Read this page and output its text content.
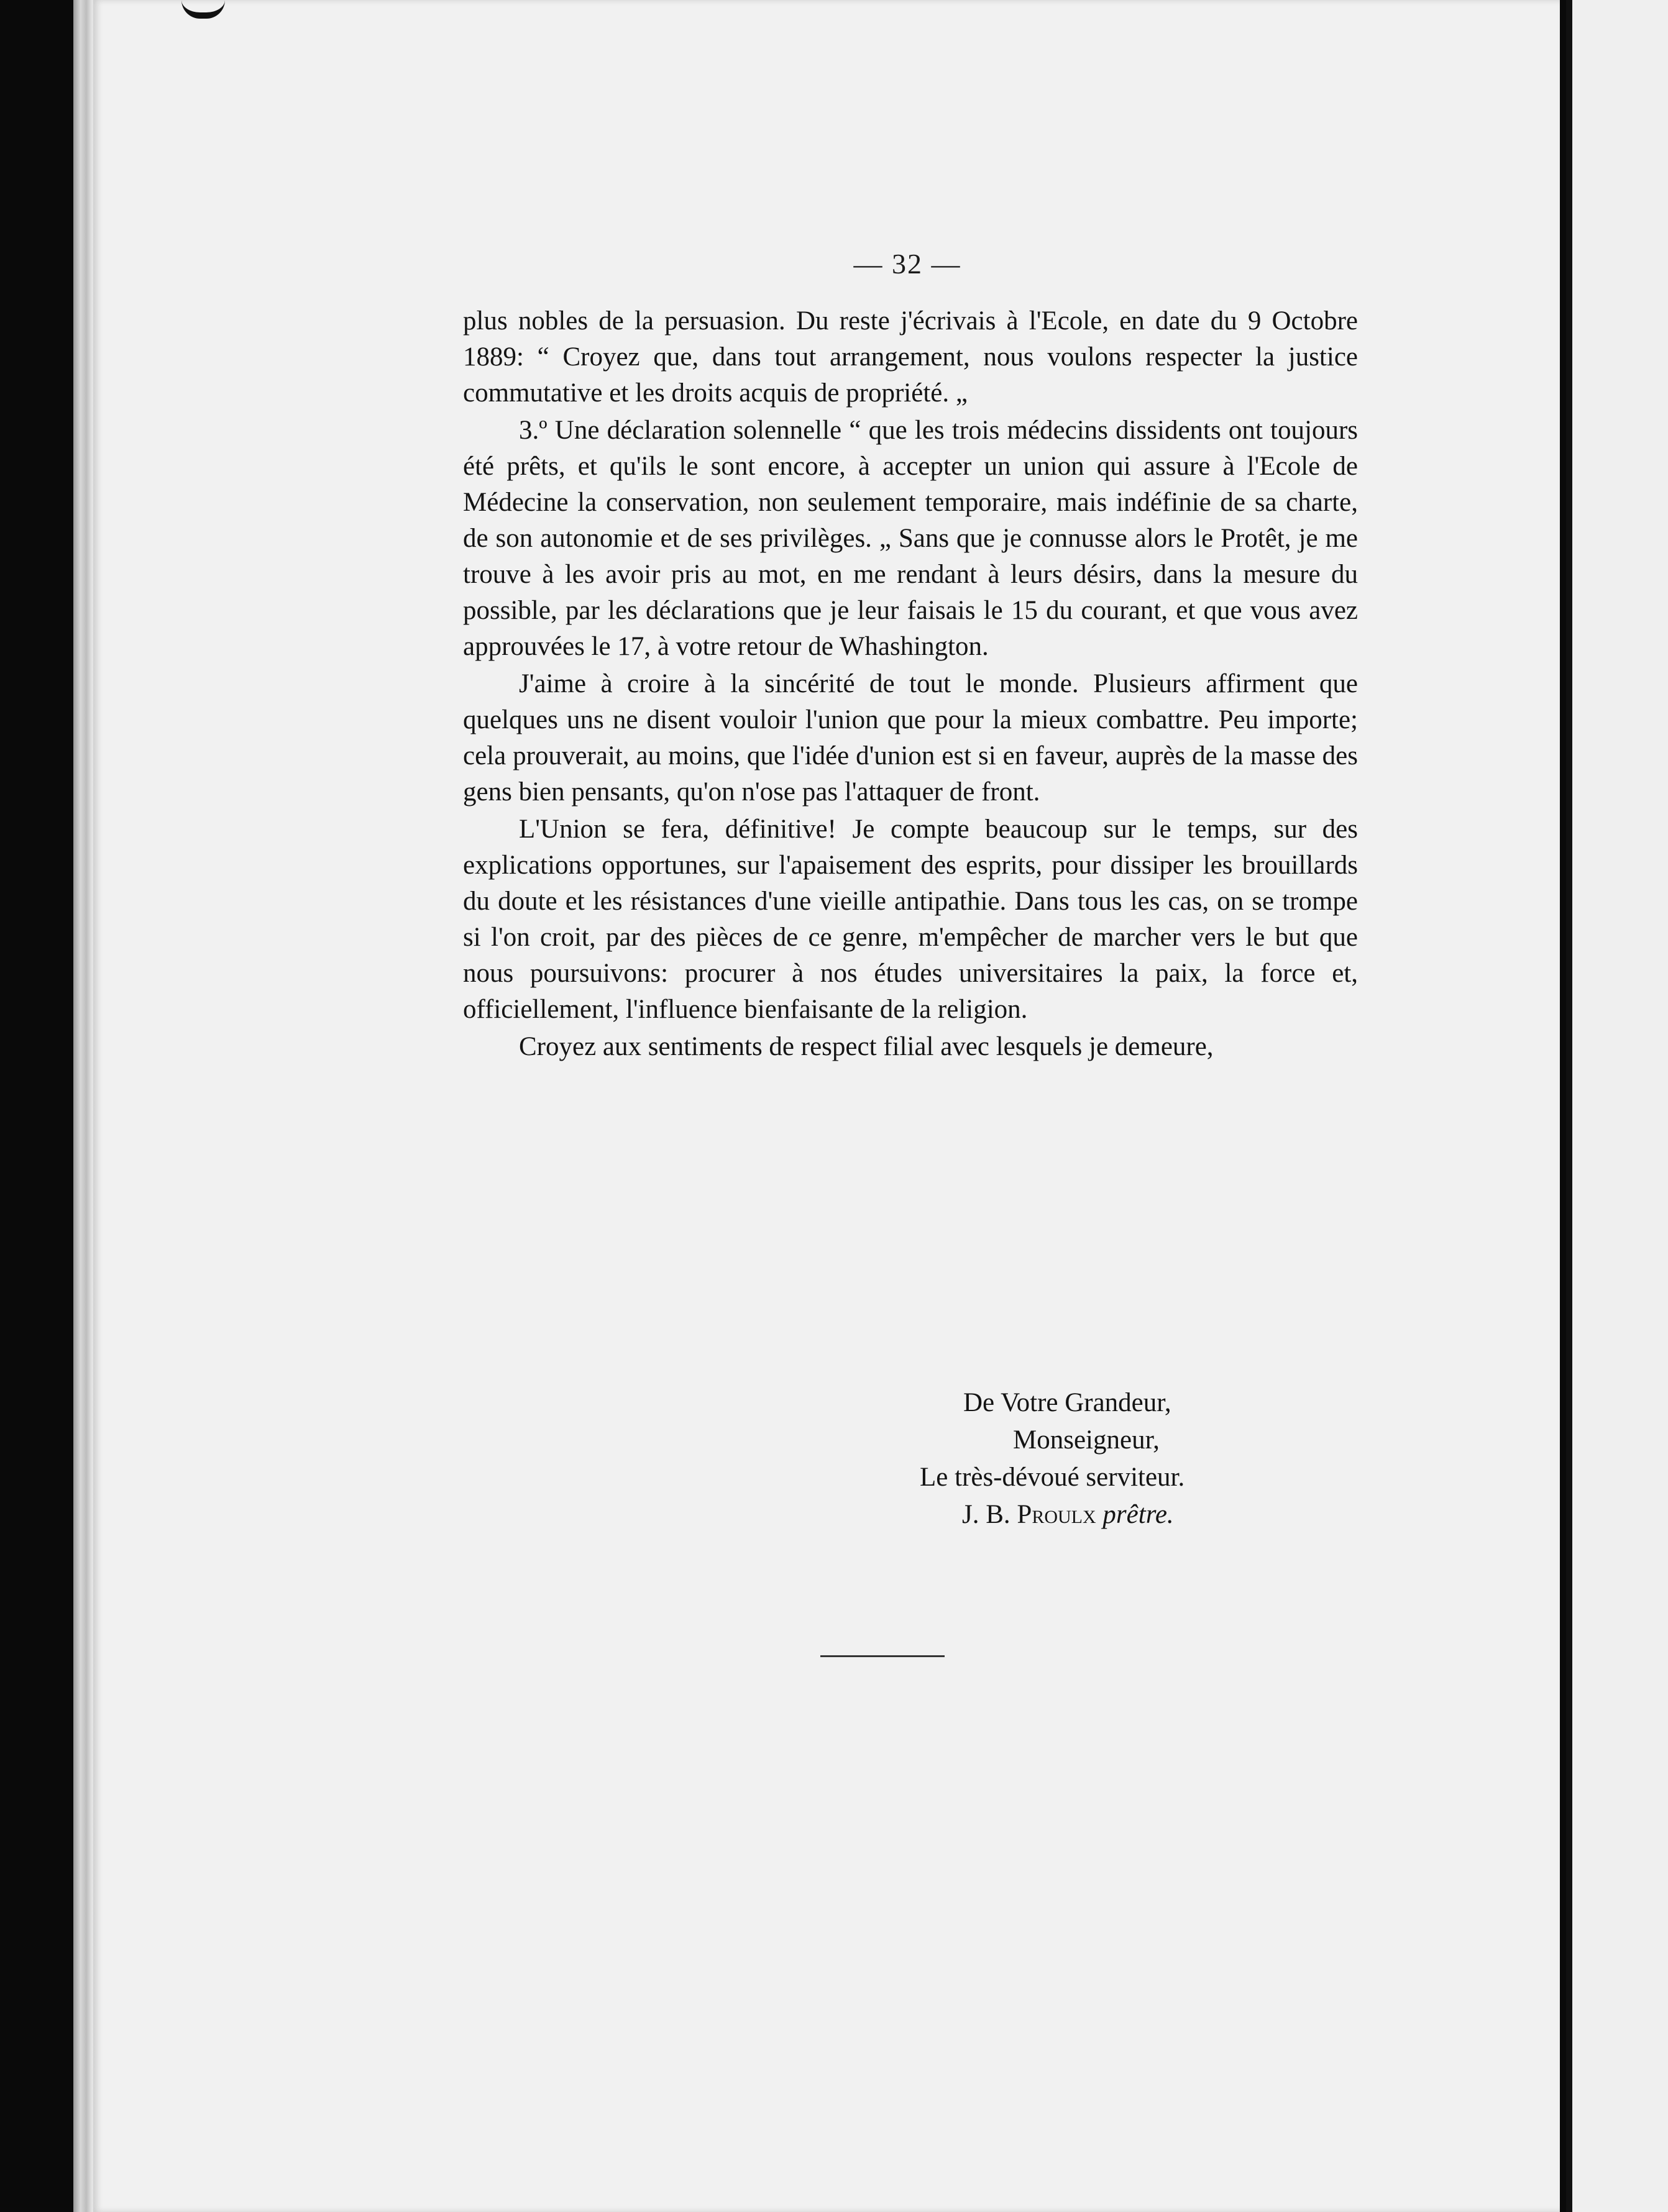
— 32 —

plus nobles de la persuasion. Du reste j'écrivais à l'Ecole, en date du 9 Octobre 1889: “ Croyez que, dans tout arrangement, nous voulons respecter la justice commutative et les droits acquis de propriété. „

3.º Une déclaration solennelle “ que les trois médecins dissidents ont toujours été prêts, et qu'ils le sont encore, à accepter un union qui assure à l'Ecole de Médecine la conservation, non seulement temporaire, mais indéfinie de sa charte, de son autonomie et de ses privilèges. „ Sans que je connusse alors le Protêt, je me trouve à les avoir pris au mot, en me rendant à leurs désirs, dans la mesure du possible, par les déclarations que je leur faisais le 15 du courant, et que vous avez approuvées le 17, à votre retour de Whashington.

J'aime à croire à la sincérité de tout le monde. Plusieurs affirment que quelques uns ne disent vouloir l'union que pour la mieux combattre. Peu importe; cela prouverait, au moins, que l'idée d'union est si en faveur, auprès de la masse des gens bien pensants, qu'on n'ose pas l'attaquer de front.

L'Union se fera, définitive! Je compte beaucoup sur le temps, sur des explications opportunes, sur l'apaisement des esprits, pour dissiper les brouillards du doute et les résistances d'une vieille antipathie. Dans tous les cas, on se trompe si l'on croit, par des pièces de ce genre, m'empêcher de marcher vers le but que nous poursuivons: procurer à nos études universitaires la paix, la force et, officiellement, l'influence bienfaisante de la religion.

Croyez aux sentiments de respect filial avec lesquels je demeure,

De Votre Grandeur,
Monseigneur,
Le très-dévoué serviteur.
J. B. Proulx prêtre.
